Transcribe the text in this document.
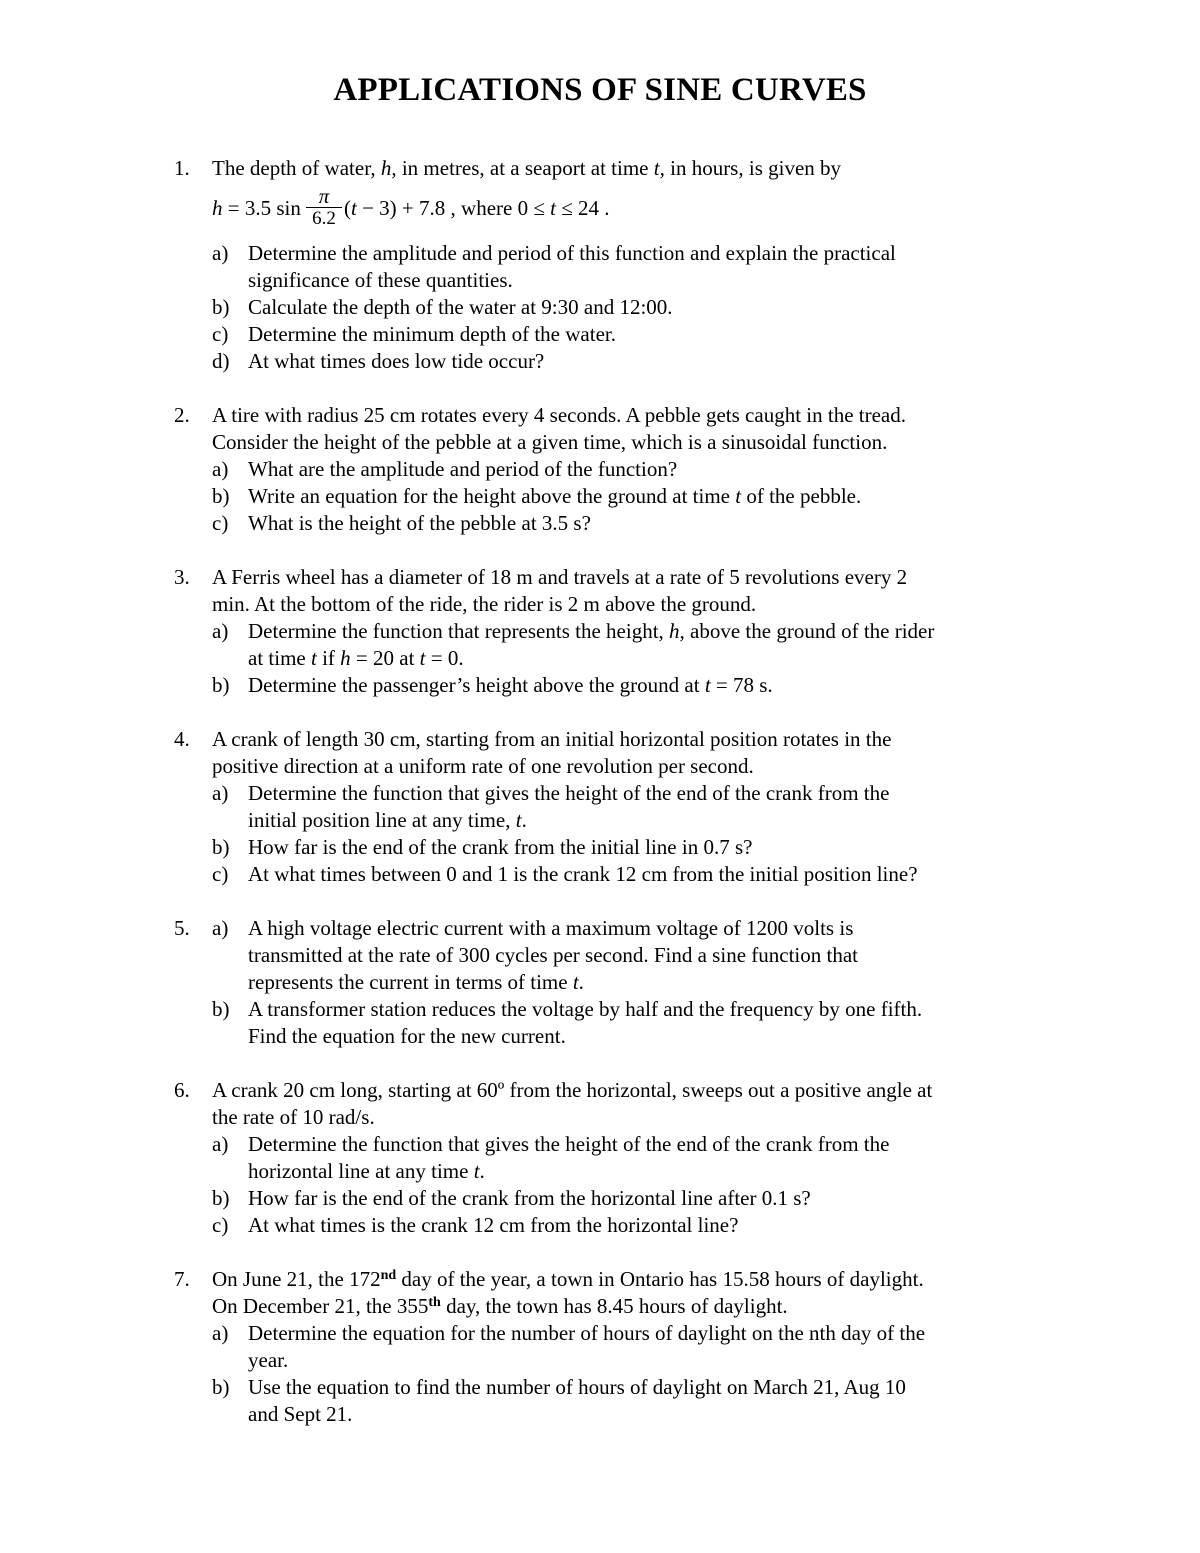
APPLICATIONS OF SINE CURVES
1. The depth of water, h, in metres, at a seaport at time t, in hours, is given by
h = 3.5 sin π
6.2 (t − 3) + 7.8 , where 0 ≤ t ≤ 24 .
a) Determine the amplitude and period of this function and explain the practical
significance of these quantities.
b) Calculate the depth of the water at 9:30 and 12:00.
c) Determine the minimum depth of the water.
d) At what times does low tide occur?
2. A tire with radius 25 cm rotates every 4 seconds. A pebble gets caught in the tread.
Consider the height of the pebble at a given time, which is a sinusoidal function.
a) What are the amplitude and period of the function?
b) Write an equation for the height above the ground at time t of the pebble.
c) What is the height of the pebble at 3.5 s?
3. A Ferris wheel has a diameter of 18 m and travels at a rate of 5 revolutions every 2
min. At the bottom of the ride, the rider is 2 m above the ground.
a) Determine the function that represents the height, h, above the ground of the rider
at time t if h = 20 at t = 0.
b) Determine the passenger’s height above the ground at t = 78 s.
4. A crank of length 30 cm, starting from an initial horizontal position rotates in the
positive direction at a uniform rate of one revolution per second.
a) Determine the function that gives the height of the end of the crank from the
initial position line at any time, t.
b) How far is the end of the crank from the initial line in 0.7 s?
c) At what times between 0 and 1 is the crank 12 cm from the initial position line?
5. a) A high voltage electric current with a maximum voltage of 1200 volts is
transmitted at the rate of 300 cycles per second. Find a sine function that
represents the current in terms of time t.
b) A transformer station reduces the voltage by half and the frequency by one fifth.
Find the equation for the new current.
6. A crank 20 cm long, starting at 60º from the horizontal, sweeps out a positive angle at
the rate of 10 rad/s.
a) Determine the function that gives the height of the end of the crank from the
horizontal line at any time t.
b) How far is the end of the crank from the horizontal line after 0.1 s?
c) At what times is the crank 12 cm from the horizontal line?
7. On June 21, the 172nd day of the year, a town in Ontario has 15.58 hours of daylight.
On December 21, the 355th day, the town has 8.45 hours of daylight.
a) Determine the equation for the number of hours of daylight on the nth day of the
year.
b) Use the equation to find the number of hours of daylight on March 21, Aug 10
and Sept 21.
